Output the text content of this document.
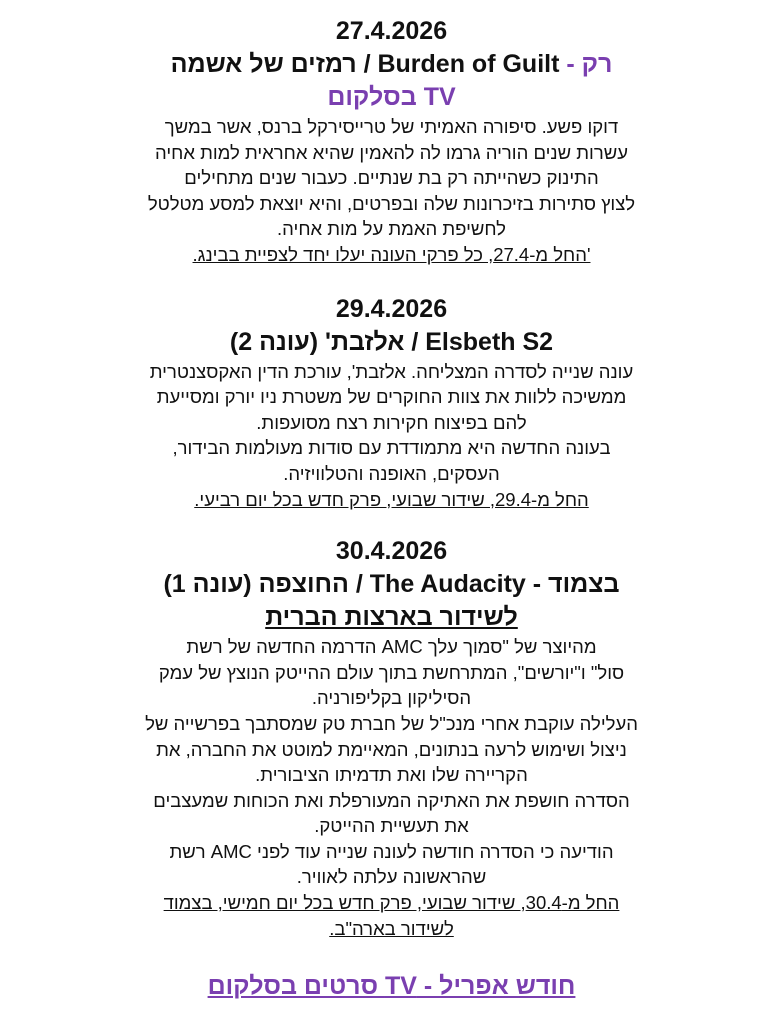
27.4.2026
רק - Burden of Guilt / רמזים של אשמה
TV בסלקום
דוקו פשע. סיפורה האמיתי של טרייסירקל ברנס, אשר במשך
עשרות שנים הוריה גרמו לה להאמין שהיא אחראית למות אחיה
התינוק כשהייתה רק בת שנתיים. כעבור שנים מתחילים
לצוץ סתירות בזיכרונות שלה ובפרטים, והיא יוצאת למסע מטלטל
לחשיפת האמת על מות אחיה.
'החל מ-27.4, כל פרקי העונה יעלו יחד לצפיית בבינג.
29.4.2026
Elsbeth S2 / אלזבת' (עונה 2)
עונה שנייה לסדרה המצליחה. אלזבת', עורכת הדין האקסצנטרית
ממשיכה ללוות את צוות החוקרים של משטרת ניו יורק ומסייעת
להם בפיצוח חקירות רצח מסועפות.
בעונה החדשה היא מתמודדת עם סודות מעולמות הבידור,
העסקים, האופנה והטלוויזיה.
החל מ-29.4, שידור שבועי, פרק חדש בכל יום רביעי.
30.4.2026
בצמוד - The Audacity / החוצפה (עונה 1)
לשידור בארצות הברית
מהיוצר של "סמוך עלך AMC הדרמה החדשה של רשת
סול" ו"יורשים", המתרחשת בתוך עולם ההייטק הנוצץ של עמק
הסיליקון בקליפורניה.
העלילה עוקבת אחרי מנכ"ל של חברת טק שמסתבך בפרשייה של
ניצול ושימוש לרעה בנתונים, המאיימת למוטט את החברה, את
הקריירה שלו ואת תדמיתו הציבורית.
הסדרה חושפת את האתיקה המעורפלת ואת הכוחות שמעצבים
את תעשיית ההייטק.
הודיעה כי הסדרה חודשה לעונה שנייה עוד לפני AMC רשת
שהראשונה עלתה לאוויר.
החל מ-30.4, שידור שבועי, פרק חדש בכל יום חמישי, בצמוד
לשידור בארה"ב.
חודש אפריל - TV סרטים בסלקום
